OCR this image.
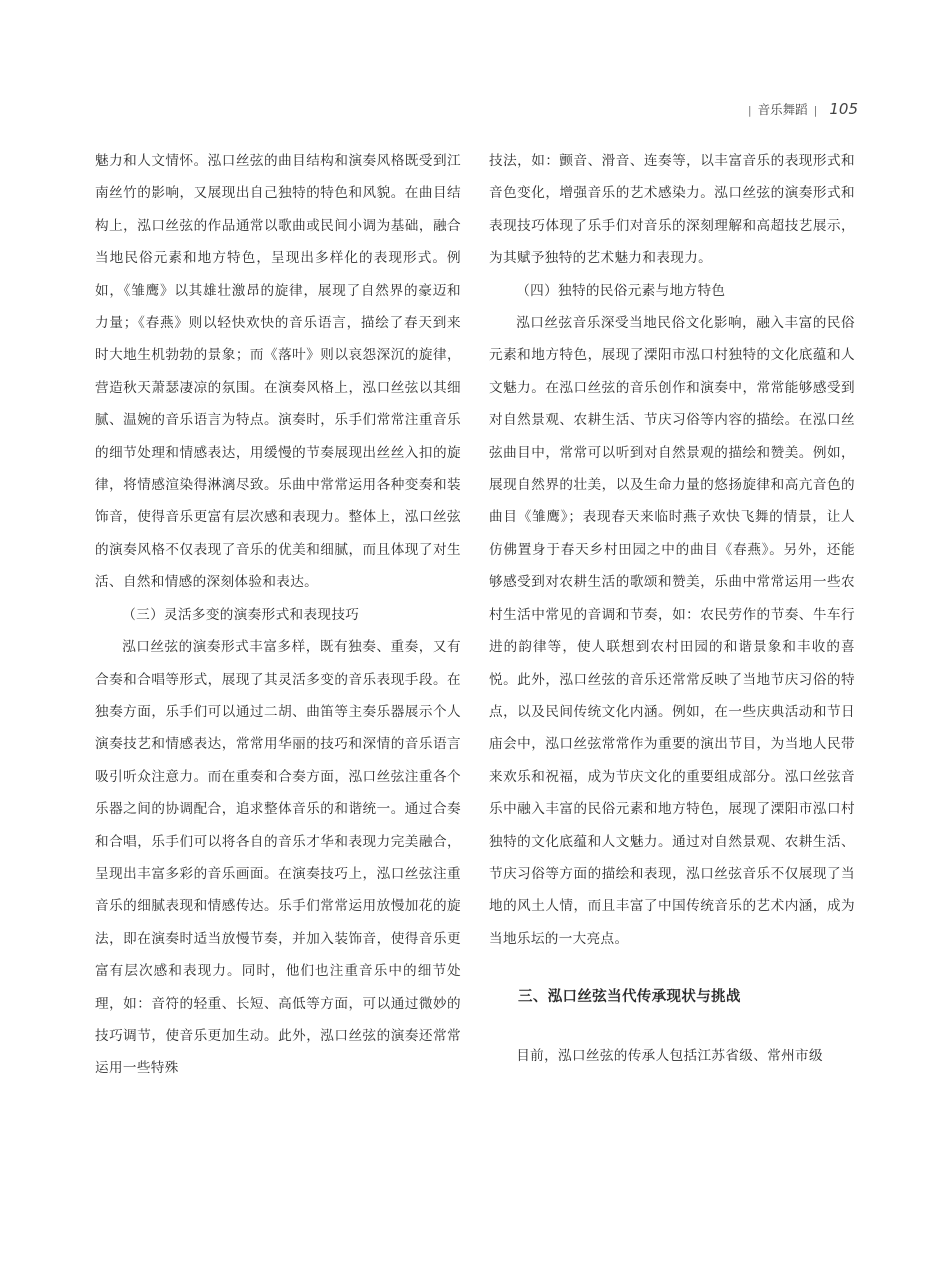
| 音乐舞蹈 | 105

魅力和人文情怀。泓口丝弦的曲目结构和演奏风格既受到江南丝竹的影响，又展现出自己独特的特色和风貌。在曲目结构上，泓口丝弦的作品通常以歌曲或民间小调为基础，融合当地民俗元素和地方特色，呈现出多样化的表现形式。例如，《雏鹰》以其雄壮激昂的旋律，展现了自然界的豪迈和力量；《春燕》则以轻快欢快的音乐语言，描绘了春天到来时大地生机勃勃的景象；而《落叶》则以哀怨深沉的旋律，营造秋天萧瑟凄凉的氛围。在演奏风格上，泓口丝弦以其细腻、温婉的音乐语言为特点。演奏时，乐手们常常注重音乐的细节处理和情感表达，用缓慢的节奏展现出丝丝入扣的旋律，将情感渲染得淋漓尽致。乐曲中常常运用各种变奏和装饰音，使得音乐更富有层次感和表现力。整体上，泓口丝弦的演奏风格不仅表现了音乐的优美和细腻，而且体现了对生活、自然和情感的深刻体验和表达。

（三）灵活多变的演奏形式和表现技巧

泓口丝弦的演奏形式丰富多样，既有独奏、重奏，又有合奏和合唱等形式，展现了其灵活多变的音乐表现手段。在独奏方面，乐手们可以通过二胡、曲笛等主奏乐器展示个人演奏技艺和情感表达，常常用华丽的技巧和深情的音乐语言吸引听众注意力。而在重奏和合奏方面，泓口丝弦注重各个乐器之间的协调配合，追求整体音乐的和谐统一。通过合奏和合唱，乐手们可以将各自的音乐才华和表现力完美融合，呈现出丰富多彩的音乐画面。在演奏技巧上，泓口丝弦注重音乐的细腻表现和情感传达。乐手们常常运用放慢加花的旋法，即在演奏时适当放慢节奏，并加入装饰音，使得音乐更富有层次感和表现力。同时，他们也注重音乐中的细节处理，如：音符的轻重、长短、高低等方面，可以通过微妙的技巧调节，使音乐更加生动。此外，泓口丝弦的演奏还常常运用一些特殊

技法，如：颤音、滑音、连奏等，以丰富音乐的表现形式和音色变化，增强音乐的艺术感染力。泓口丝弦的演奏形式和表现技巧体现了乐手们对音乐的深刻理解和高超技艺展示，为其赋予独特的艺术魅力和表现力。

（四）独特的民俗元素与地方特色

泓口丝弦音乐深受当地民俗文化影响，融入丰富的民俗元素和地方特色，展现了溧阳市泓口村独特的文化底蕴和人文魅力。在泓口丝弦的音乐创作和演奏中，常常能够感受到对自然景观、农耕生活、节庆习俗等内容的描绘。在泓口丝弦曲目中，常常可以听到对自然景观的描绘和赞美。例如，展现自然界的壮美，以及生命力量的悠扬旋律和高亢音色的曲目《雏鹰》；表现春天来临时燕子欢快飞舞的情景，让人仿佛置身于春天乡村田园之中的曲目《春燕》。另外，还能够感受到对农耕生活的歌颂和赞美，乐曲中常常运用一些农村生活中常见的音调和节奏，如：农民劳作的节奏、牛车行进的韵律等，使人联想到农村田园的和谐景象和丰收的喜悦。此外，泓口丝弦的音乐还常常反映了当地节庆习俗的特点，以及民间传统文化内涵。例如，在一些庆典活动和节日庙会中，泓口丝弦常常作为重要的演出节目，为当地人民带来欢乐和祝福，成为节庆文化的重要组成部分。泓口丝弦音乐中融入丰富的民俗元素和地方特色，展现了溧阳市泓口村独特的文化底蕴和人文魅力。通过对自然景观、农耕生活、节庆习俗等方面的描绘和表现，泓口丝弦音乐不仅展现了当地的风土人情，而且丰富了中国传统音乐的艺术内涵，成为当地乐坛的一大亮点。

三、泓口丝弦当代传承现状与挑战

目前，泓口丝弦的传承人包括江苏省级、常州市级
